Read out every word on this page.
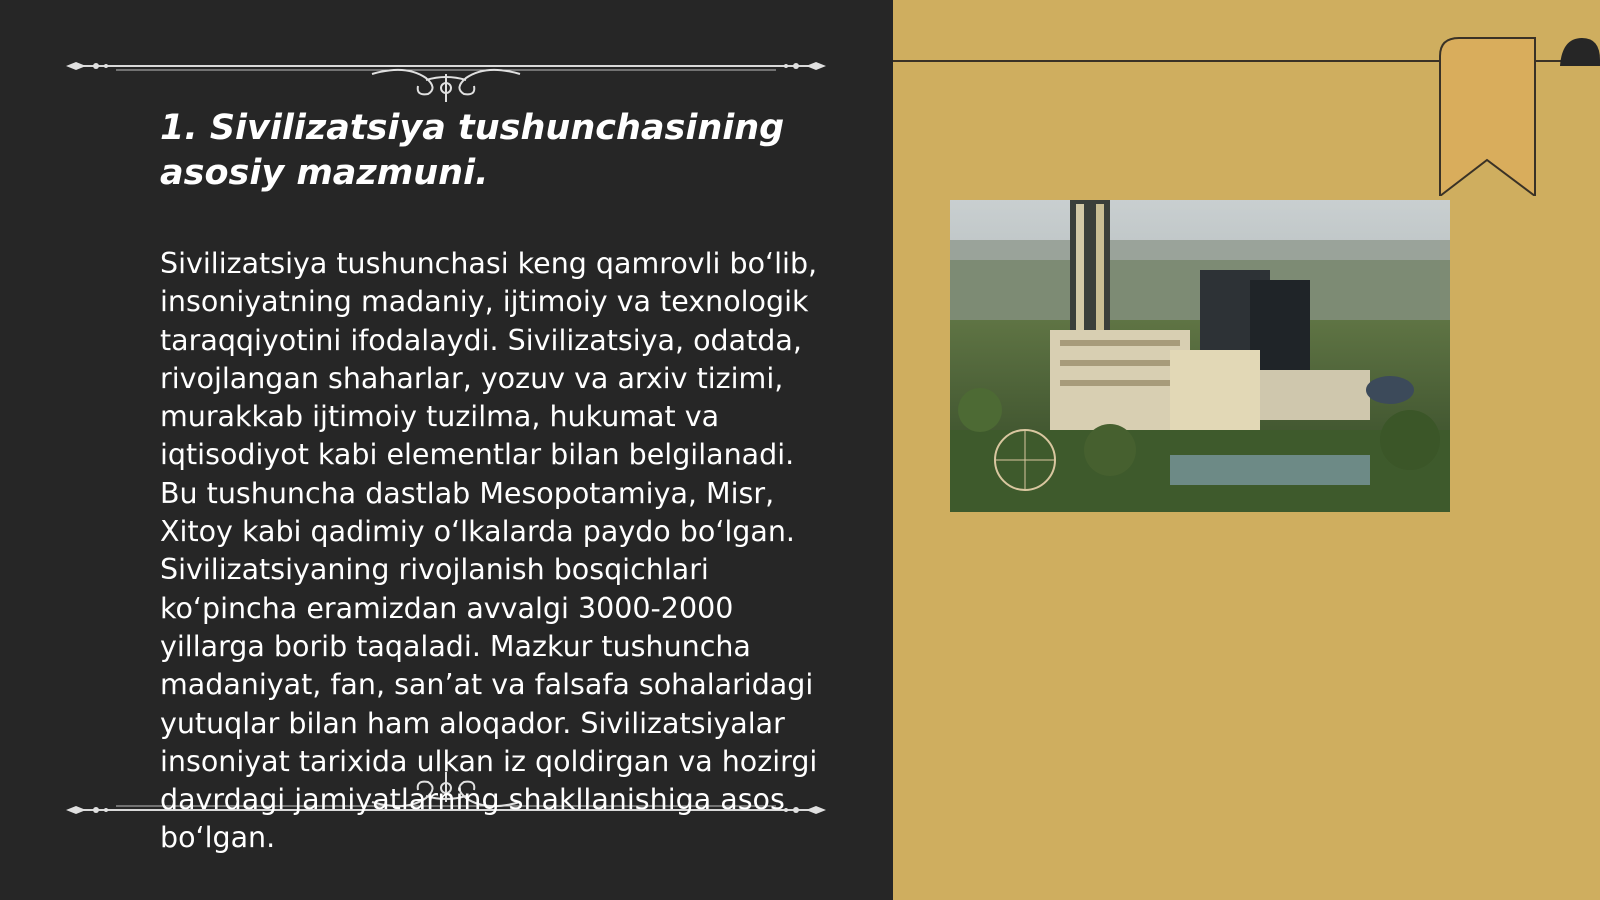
1. Sivilizatsiya tushunchasining asosiy mazmuni.

Sivilizatsiya tushunchasi keng qamrovli bo‘lib, insoniyatning madaniy, ijtimoiy va texnologik taraqqiyotini ifodalaydi. Sivilizatsiya, odatda, rivojlangan shaharlar, yozuv va arxiv tizimi, murakkab ijtimoiy tuzilma, hukumat va iqtisodiyot kabi elementlar bilan belgilanadi. Bu tushuncha dastlab Mesopotamiya, Misr, Xitoy kabi qadimiy o‘lkalarda paydo bo‘lgan. Sivilizatsiyaning rivojlanish bosqichlari ko‘pincha eramizdan avvalgi 3000-2000 yillarga borib taqaladi. Mazkur tushuncha madaniyat, fan, san’at va falsafa sohalaridagi yutuqlar bilan ham aloqador. Sivilizatsiyalar insoniyat tarixida ulkan iz qoldirgan va hozirgi davrdagi jamiyatlarning shakllanishiga asos bo‘lgan.
